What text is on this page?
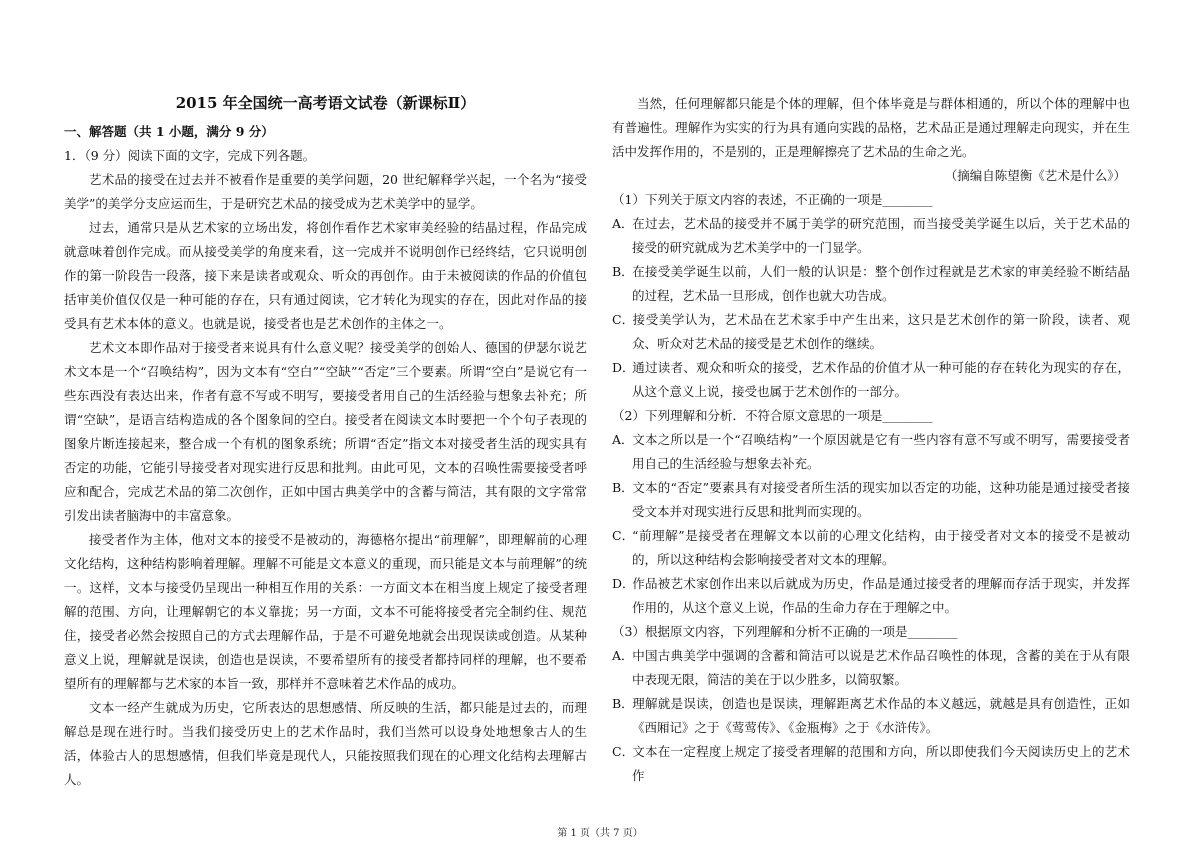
2015 年全国统一高考语文试卷（新课标Ⅱ）

一、解答题（共 1 小题，满分 9 分）

1．（9 分）阅读下面的文字，完成下列各题。

艺术品的接受在过去并不被看作是重要的美学问题，20 世纪解释学兴起，一个名为“接受美学”的美学分支应运而生，于是研究艺术品的接受成为艺术美学中的显学。

过去，通常只是从艺术家的立场出发，将创作看作艺术家审美经验的结晶过程，作品完成就意味着创作完成。而从接受美学的角度来看，这一完成并不说明创作已经终结，它只说明创作的第一阶段告一段落，接下来是读者或观众、听众的再创作。由于未被阅读的作品的价值包括审美价值仅仅是一种可能的存在，只有通过阅读，它才转化为现实的存在，因此对作品的接受具有艺术本体的意义。也就是说，接受者也是艺术创作的主体之一。

艺术文本即作品对于接受者来说具有什么意义呢？接受美学的创始人、德国的伊瑟尔说艺术文本是一个“召唤结构”，因为文本有“空白”“空缺”“否定”三个要素。所谓“空白”是说它有一些东西没有表达出来，作者有意不写或不明写，要接受者用自己的生活经验与想象去补充；所谓“空缺”，是语言结构造成的各个图象间的空白。接受者在阅读文本时要把一个个句子表现的图象片断连接起来，整合成一个有机的图象系统；所谓“否定”指文本对接受者生活的现实具有否定的功能，它能引导接受者对现实进行反思和批判。由此可见，文本的召唤性需要接受者呼应和配合，完成艺术品的第二次创作，正如中国古典美学中的含蓄与简洁，其有限的文字常常引发出读者脑海中的丰富意象。

接受者作为主体，他对文本的接受不是被动的，海德格尔提出“前理解”，即理解前的心理文化结构，这种结构影响着理解。理解不可能是文本意义的重现，而只能是文本与前理解”的统一。这样，文本与接受仍呈现出一种相互作用的关系：一方面文本在相当度上规定了接受者理解的范围、方向，让理解朝它的本义靠拢；另一方面，文本不可能将接受者完全制约住、规范住，接受者必然会按照自己的方式去理解作品，于是不可避免地就会出现误读或创造。从某种意义上说，理解就是误读，创造也是误读，不要希望所有的接受者都持同样的理解，也不要希望所有的理解都与艺术家的本旨一致，那样并不意味着艺术作品的成功。

文本一经产生就成为历史，它所表达的思想感情、所反映的生活，都只能是过去的，而理解总是现在进行时。当我们接受历史上的艺术作品时，我们当然可以设身处地想象古人的生活，体验古人的思想感情，但我们毕竟是现代人，只能按照我们现在的心理文化结构去理解古人。

当然，任何理解都只能是个体的理解，但个体毕竟是与群体相通的，所以个体的理解中也有普遍性。理解作为实实的行为具有通向实践的品格，艺术品正是通过理解走向现实，并在生活中发挥作用的，不是别的，正是理解擦亮了艺术品的生命之光。

（摘编自陈望衡《艺术是什么》）

（1）下列关于原文内容的表述，不正确的一项是________

A．在过去，艺术品的接受并不属于美学的研究范围，而当接受美学诞生以后，关于艺术品的接受的研究就成为艺术美学中的一门显学。

B．在接受美学诞生以前，人们一般的认识是：整个创作过程就是艺术家的审美经验不断结晶的过程，艺术品一旦形成，创作也就大功告成。

C．接受美学认为，艺术品在艺术家手中产生出来，这只是艺术创作的第一阶段，读者、观众、听众对艺术品的接受是艺术创作的继续。

D．通过读者、观众和听众的接受，艺术作品的价值才从一种可能的存在转化为现实的存在，从这个意义上说，接受也属于艺术创作的一部分。

（2）下列理解和分析．不符合原文意思的一项是________

A．文本之所以是一个“召唤结构”一个原因就是它有一些内容有意不写或不明写，需要接受者用自己的生活经验与想象去补充。

B．文本的“否定”要素具有对接受者所生活的现实加以否定的功能，这种功能是通过接受者接受文本并对现实进行反思和批判而实现的。

C．“前理解”是接受者在理解文本以前的心理文化结构，由于接受者对文本的接受不是被动的，所以这种结构会影响接受者对文本的理解。

D．作品被艺术家创作出来以后就成为历史，作品是通过接受者的理解而存活于现实，并发挥作用的，从这个意义上说，作品的生命力存在于理解之中。

（3）根据原文内容，下列理解和分析不正确的一项是________

A．中国古典美学中强调的含蓄和简洁可以说是艺术作品召唤性的体现，含蓄的美在于从有限中表现无限，简洁的美在于以少胜多，以简驭繁。

B．理解就是误读，创造也是误读，理解距离艺术作品的本义越远，就越是具有创造性，正如《西厢记》之于《莺莺传》、《金瓶梅》之于《水浒传》。

C．文本在一定程度上规定了接受者理解的范围和方向，所以即使我们今天阅读历史上的艺术作

第 1 页（共 7 页）
